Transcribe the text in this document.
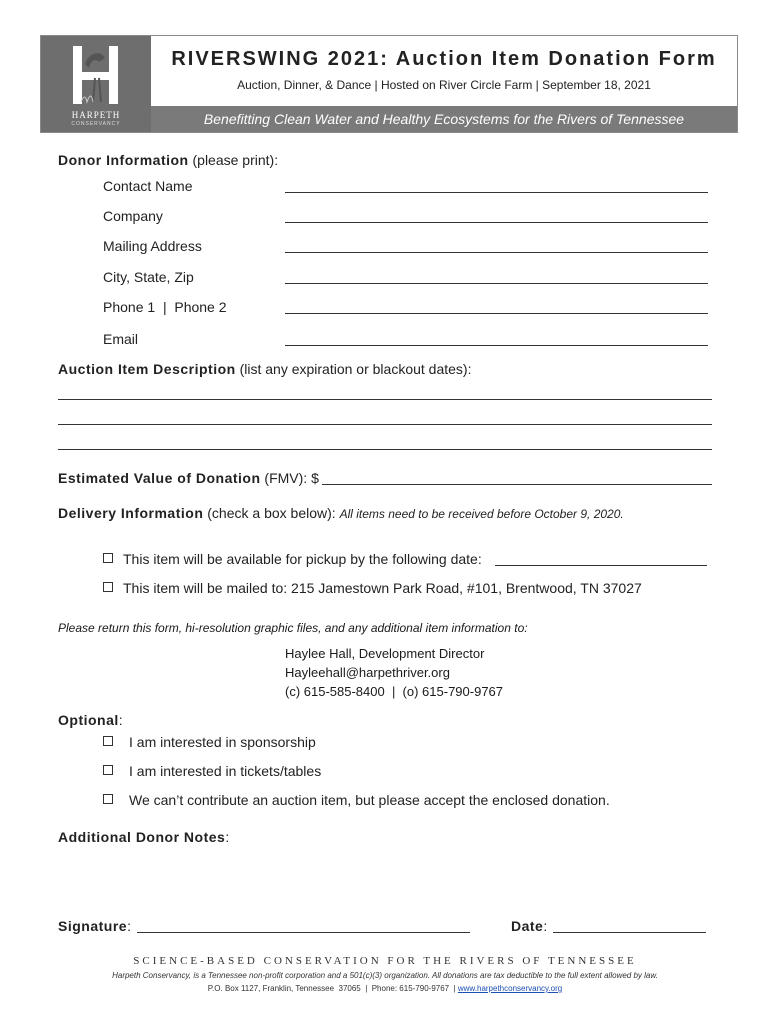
HARPETH
CONSERVANCY
RIVERSWING 2021: Auction Item Donation Form
Auction, Dinner, & Dance | Hosted on River Circle Farm | September 18, 2021
Benefitting Clean Water and Healthy Ecosystems for the Rivers of Tennessee
Donor Information (please print):
Contact Name
Company
Mailing Address
City, State, Zip
Phone 1  |  Phone 2
Email
Auction Item Description (list any expiration or blackout dates):
Estimated Value of Donation (FMV): $
Delivery Information (check a box below): All items need to be received before October 9, 2020.
This item will be available for pickup by the following date:
This item will be mailed to: 215 Jamestown Park Road, #101, Brentwood, TN 37027
Please return this form, hi-resolution graphic files, and any additional item information to:
Haylee Hall, Development Director
Hayleehall@harpethriver.org
(c) 615-585-8400  |  (o) 615-790-9767
Optional:
I am interested in sponsorship
I am interested in tickets/tables
We can’t contribute an auction item, but please accept the enclosed donation.
Additional Donor Notes:
Signature:	Date:
SCIENCE-BASED CONSERVATION FOR THE RIVERS OF TENNESSEE
Harpeth Conservancy, is a Tennessee non-profit corporation and a 501(c)(3) organization. All donations are tax deductible to the full extent allowed by law.
P.O. Box 1127, Franklin, Tennessee  37065  |  Phone: 615-790-9767  | www.harpethconservancy.org
